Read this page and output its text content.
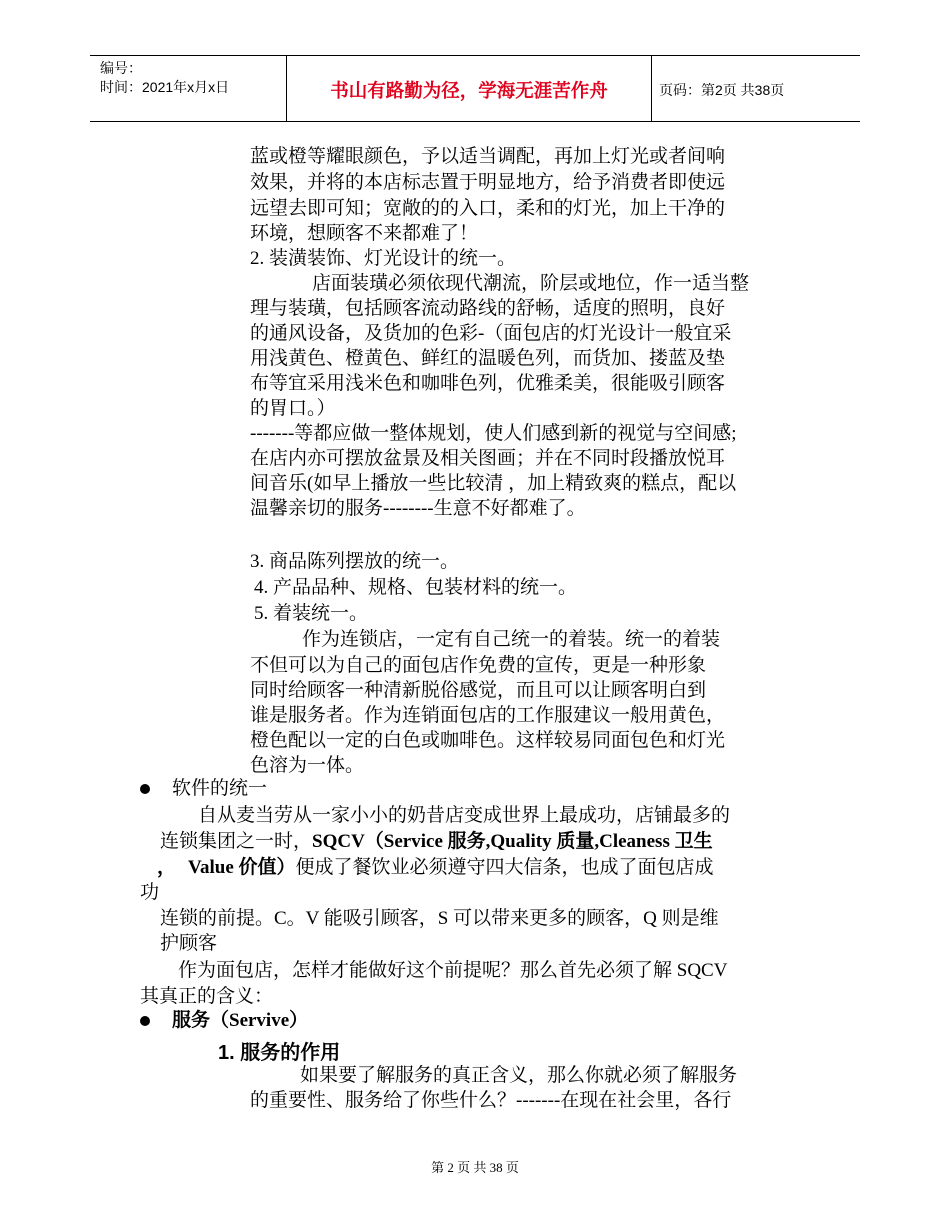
编号：
时间：2021年x月x日	书山有路勤为径，学海无涯苦作舟	页码：第2页 共38页
蓝或橙等耀眼颜色，予以适当调配，再加上灯光或者间响
效果，并将的本店标志置于明显地方，给予消费者即使远
远望去即可知；宽敞的的入口，柔和的灯光，加上干净的
环境，想顾客不来都难了！
2. 装潢装饰、灯光设计的统一。
店面装璜必须依现代潮流，阶层或地位，作一适当整
理与装璜，包括顾客流动路线的舒畅，适度的照明，良好
的通风设备，及货加的色彩-（面包店的灯光设计一般宜采
用浅黄色、橙黄色、鲜红的温暖色列，而货加、搂蓝及垫
布等宜采用浅米色和咖啡色列，优雅柔美，很能吸引顾客
的胃口。）
-------等都应做一整体规划，使人们感到新的视觉与空间感;
在店内亦可摆放盆景及相关图画；并在不同时段播放悦耳
间音乐(如早上播放一些比较清 ，加上精致爽的糕点，配以
温馨亲切的服务--------生意不好都难了。
3. 商品陈列摆放的统一。
4. 产品品种、规格、包装材料的统一。
5. 着装统一。
作为连锁店，一定有自己统一的着装。统一的着装
不但可以为自己的面包店作免费的宣传，更是一种形象
同时给顾客一种清新脱俗感觉，而且可以让顾客明白到
谁是服务者。作为连销面包店的工作服建议一般用黄色，
橙色配以一定的白色或咖啡色。这样较易同面包色和灯光
色溶为一体。
软件的统一
自从麦当劳从一家小小的奶昔店变成世界上最成功，店铺最多的
连锁集团之一时，SQCV（Service 服务,Quality 质量,Cleaness 卫生
， Value 价值）便成了餐饮业必须遵守四大信条，也成了面包店成
功
连锁的前提。C。V 能吸引顾客，S 可以带来更多的顾客，Q 则是维
护顾客
作为面包店，怎样才能做好这个前提呢？那么首先必须了解 SQCV
其真正的含义：
服务（Servive）
1. 服务的作用
如果要了解服务的真正含义，那么你就必须了解服务
的重要性、服务给了你些什么？-------在现在社会里，各行
第 2 页 共 38 页
